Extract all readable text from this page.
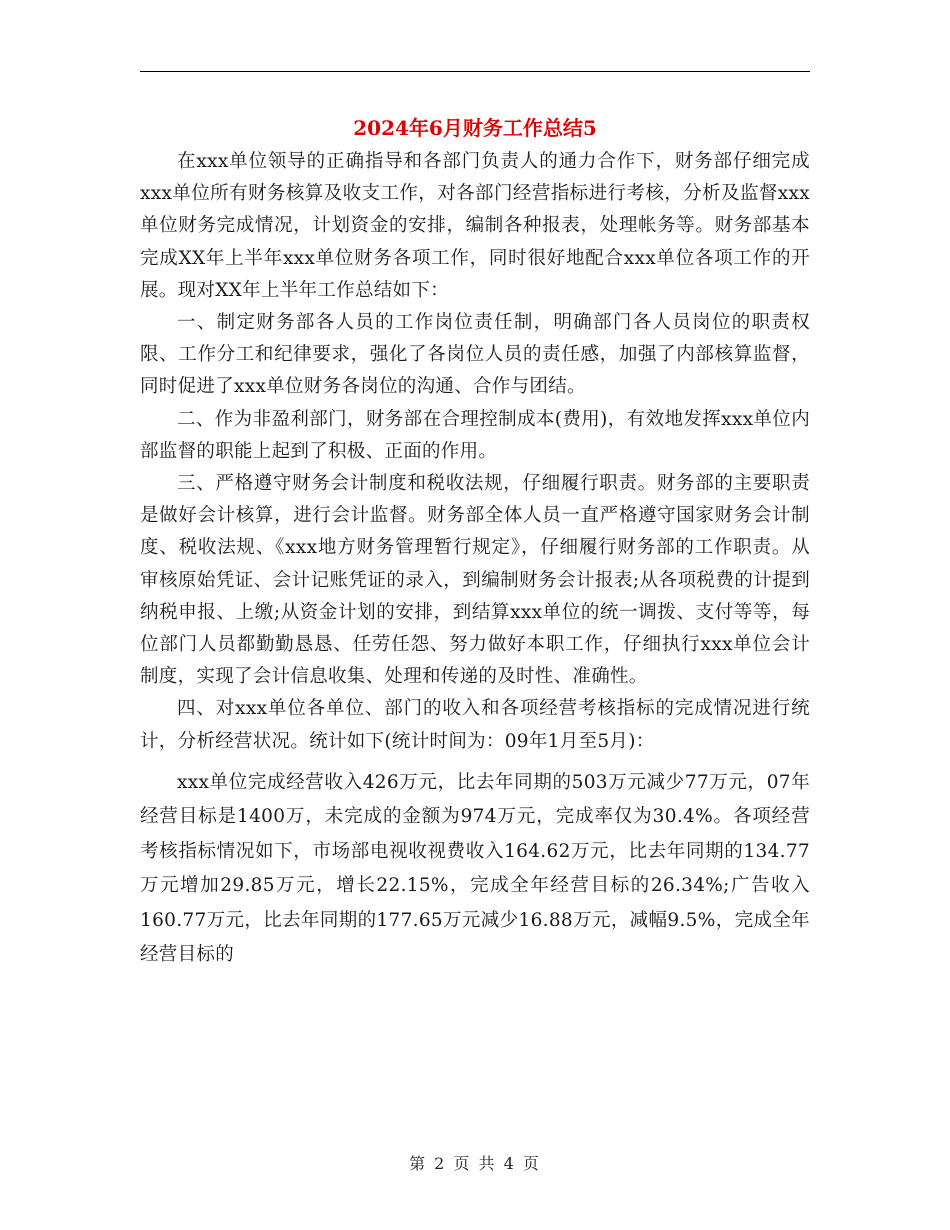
2024年6月财务工作总结5

在xxx单位领导的正确指导和各部门负责人的通力合作下，财务部仔细完成xxx单位所有财务核算及收支工作，对各部门经营指标进行考核，分析及监督xxx单位财务完成情况，计划资金的安排，编制各种报表，处理帐务等。财务部基本完成XX年上半年xxx单位财务各项工作，同时很好地配合xxx单位各项工作的开展。现对XX年上半年工作总结如下：

一、制定财务部各人员的工作岗位责任制，明确部门各人员岗位的职责权限、工作分工和纪律要求，强化了各岗位人员的责任感，加强了内部核算监督，同时促进了xxx单位财务各岗位的沟通、合作与团结。

二、作为非盈利部门，财务部在合理控制成本(费用)，有效地发挥xxx单位内部监督的职能上起到了积极、正面的作用。

三、严格遵守财务会计制度和税收法规，仔细履行职责。财务部的主要职责是做好会计核算，进行会计监督。财务部全体人员一直严格遵守国家财务会计制度、税收法规、《xxx地方财务管理暂行规定》，仔细履行财务部的工作职责。从审核原始凭证、会计记账凭证的录入，到编制财务会计报表;从各项税费的计提到纳税申报、上缴;从资金计划的安排，到结算xxx单位的统一调拨、支付等等，每位部门人员都勤勤恳恳、任劳任怨、努力做好本职工作，仔细执行xxx单位会计制度，实现了会计信息收集、处理和传递的及时性、准确性。

四、对xxx单位各单位、部门的收入和各项经营考核指标的完成情况进行统计，分析经营状况。统计如下(统计时间为：09年1月至5月)：

xxx单位完成经营收入426万元，比去年同期的503万元减少77万元，07年经营目标是1400万，未完成的金额为974万元，完成率仅为30.4%。各项经营考核指标情况如下，市场部电视收视费收入164.62万元，比去年同期的134.77万元增加29.85万元，增长22.15%，完成全年经营目标的26.34%;广告收入160.77万元，比去年同期的177.65万元减少16.88万元，减幅9.5%，完成全年经营目标的

第 2 页 共 4 页
